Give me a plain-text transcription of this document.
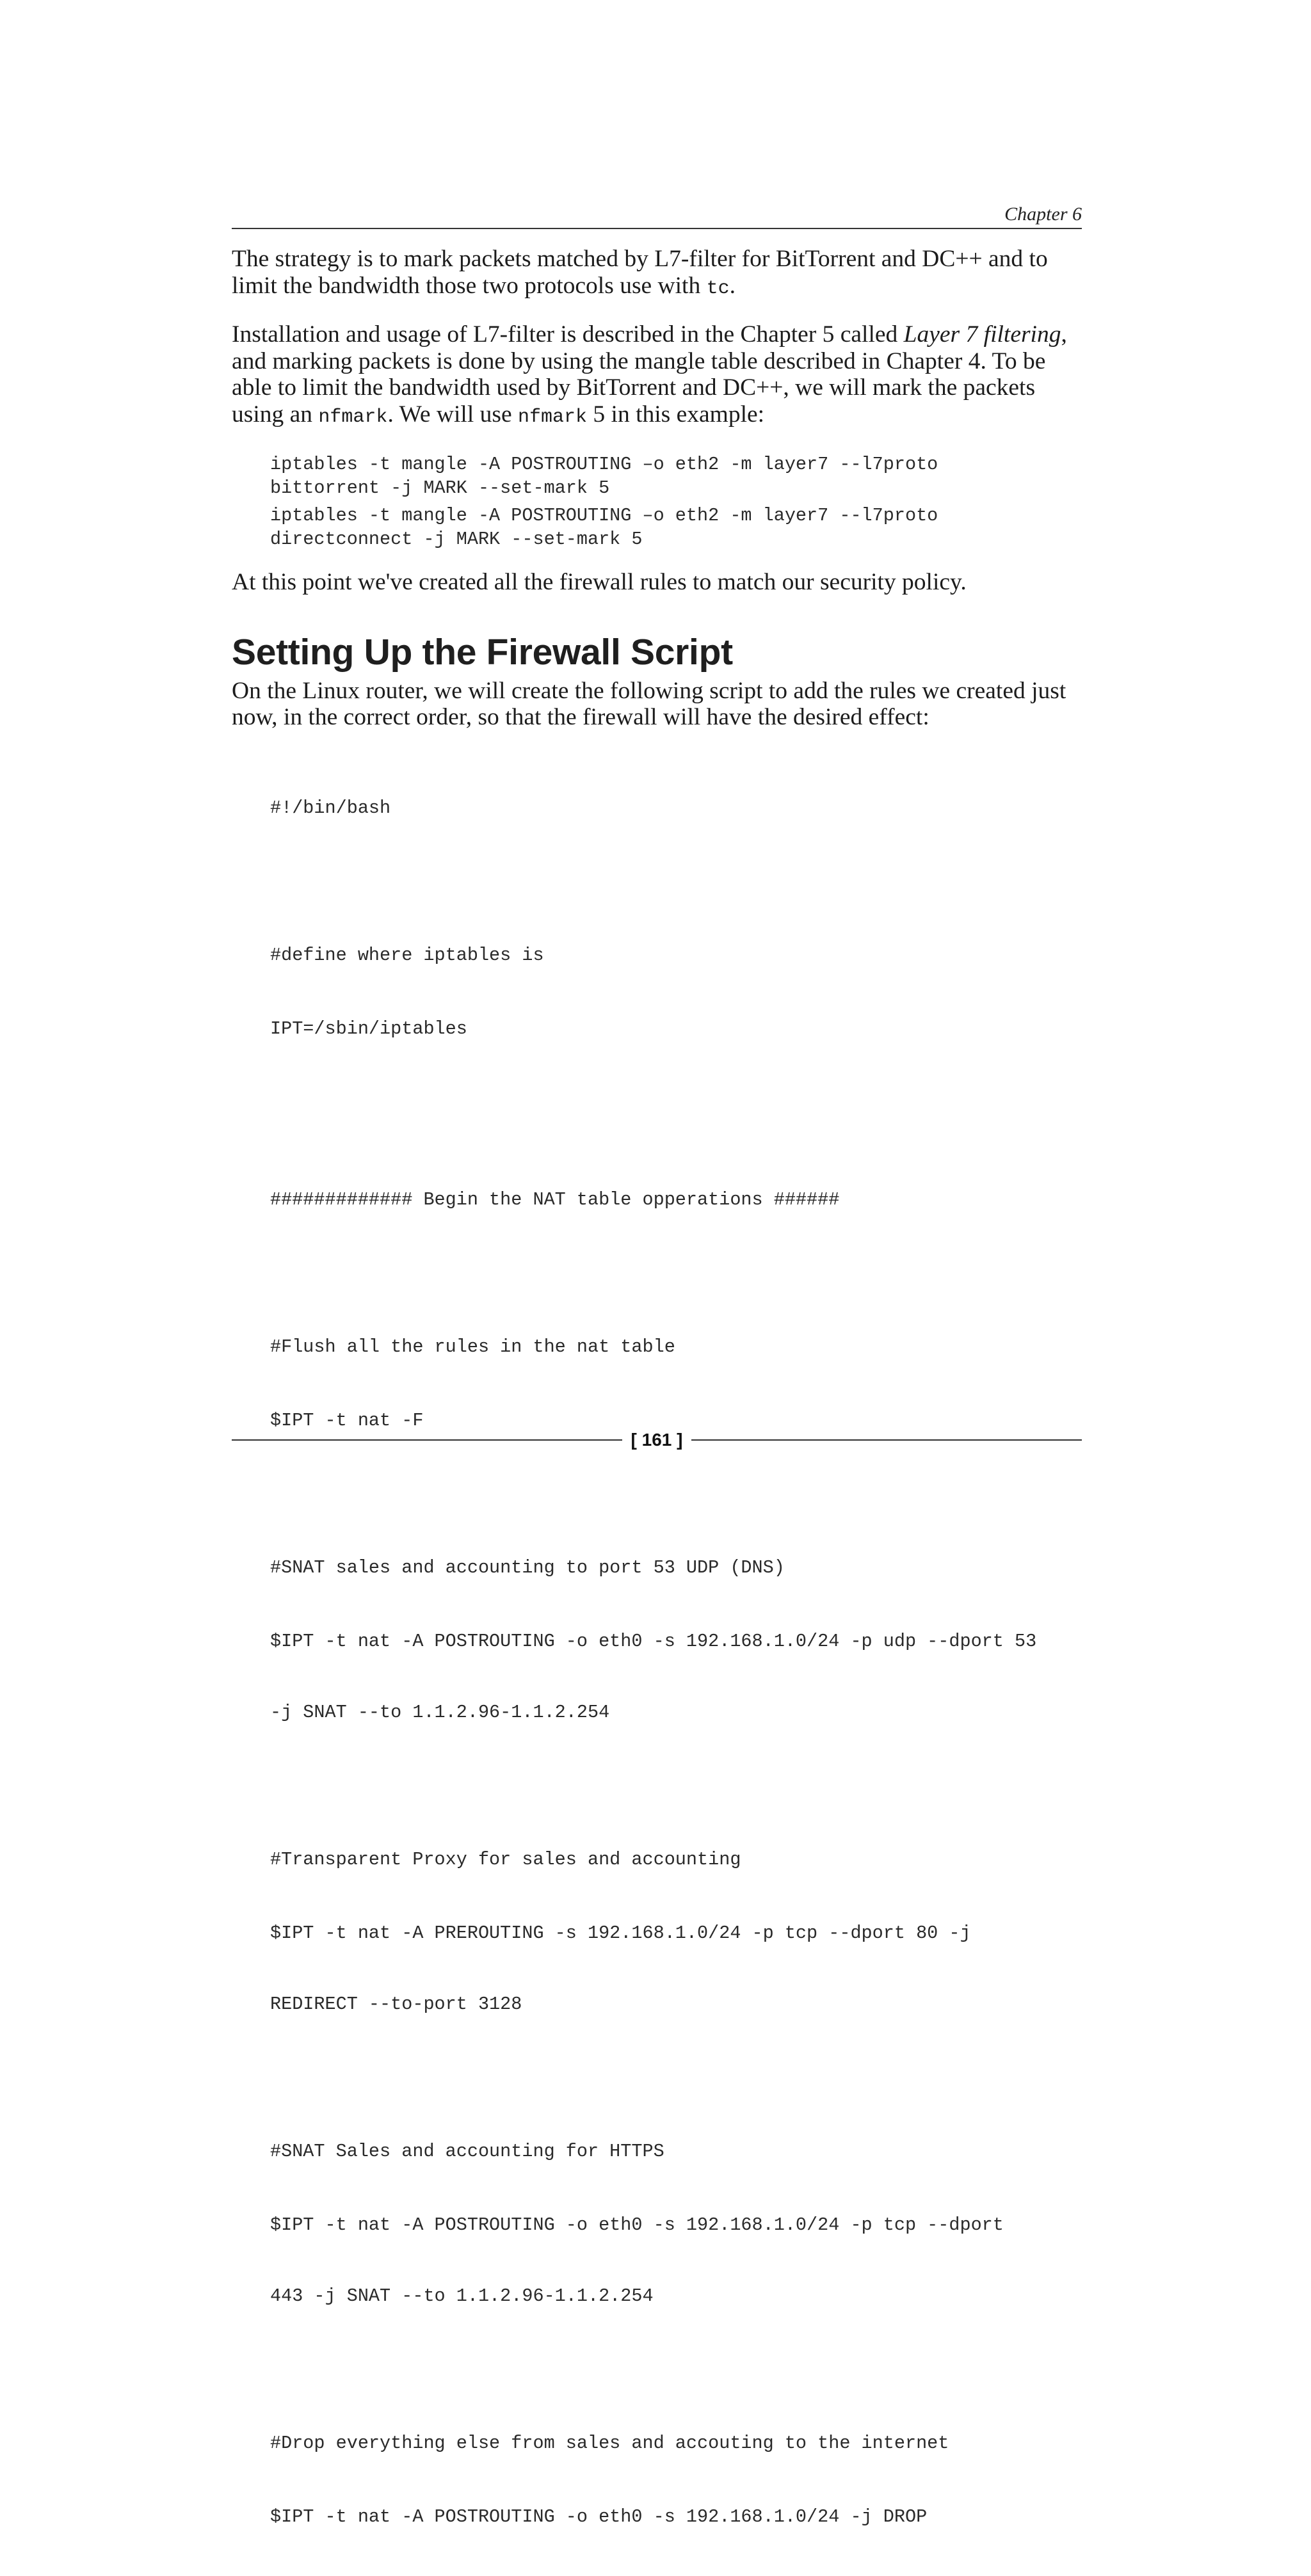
Chapter 6

The strategy is to mark packets matched by L7-filter for BitTorrent and DC++ and to limit the bandwidth those two protocols use with tc.

Installation and usage of L7-filter is described in the Chapter 5 called Layer 7 filtering, and marking packets is done by using the mangle table described in Chapter 4. To be able to limit the bandwidth used by BitTorrent and DC++, we will mark the packets using an nfmark. We will use nfmark 5 in this example:

iptables -t mangle -A POSTROUTING –o eth2 -m layer7 --l7proto
bittorrent -j MARK --set-mark 5
iptables -t mangle -A POSTROUTING –o eth2 -m layer7 --l7proto
directconnect -j MARK --set-mark 5

At this point we've created all the firewall rules to match our security policy.

Setting Up the Firewall Script

On the Linux router, we will create the following script to add the rules we created just now, in the correct order, so that the firewall will have the desired effect:

#!/bin/bash

#define where iptables is

IPT=/sbin/iptables

############# Begin the NAT table opperations ######

#Flush all the rules in the nat table

$IPT -t nat -F

#SNAT sales and accounting to port 53 UDP (DNS)

$IPT -t nat -A POSTROUTING -o eth0 -s 192.168.1.0/24 -p udp --dport 53

-j SNAT --to 1.1.2.96-1.1.2.254

#Transparent Proxy for sales and accounting

$IPT -t nat -A PREROUTING -s 192.168.1.0/24 -p tcp --dport 80 -j

REDIRECT --to-port 3128

#SNAT Sales and accounting for HTTPS

$IPT -t nat -A POSTROUTING -o eth0 -s 192.168.1.0/24 -p tcp --dport

443 -j SNAT --to 1.1.2.96-1.1.2.254

#Drop everything else from sales and accouting to the internet

$IPT -t nat -A POSTROUTING -o eth0 -s 192.168.1.0/24 -j DROP

[ 161 ]
